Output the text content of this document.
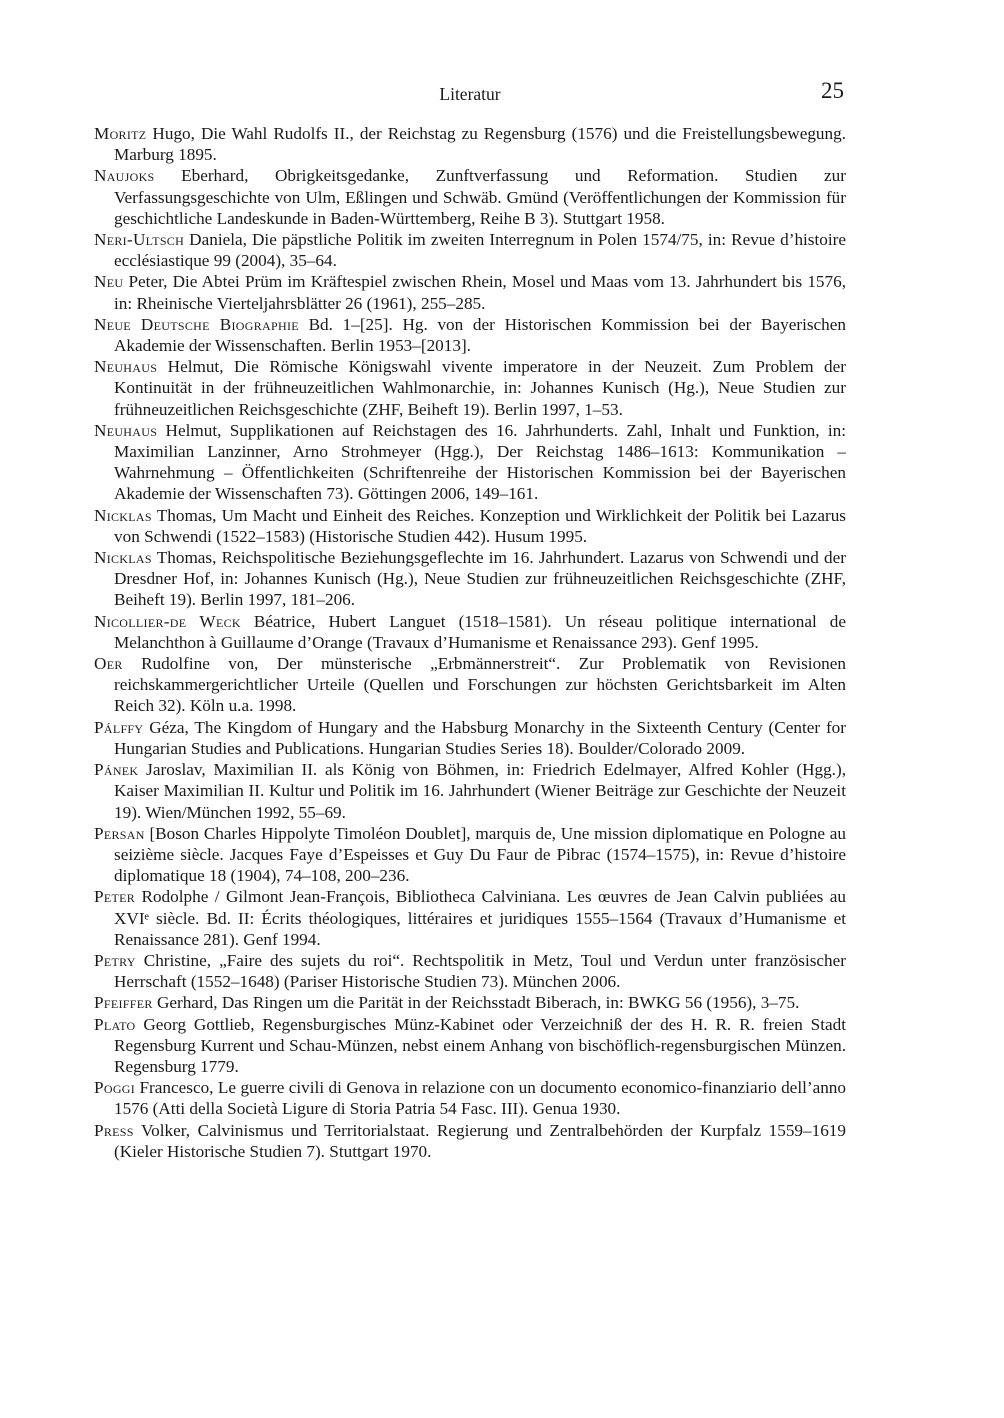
Literatur	25

Moritz Hugo, Die Wahl Rudolfs II., der Reichstag zu Regensburg (1576) und die Freistellungsbewegung. Marburg 1895.

Naujoks Eberhard, Obrigkeitsgedanke, Zunftverfassung und Reformation. Studien zur Verfassungsgeschichte von Ulm, Eßlingen und Schwäb. Gmünd (Veröffentlichungen der Kommission für geschichtliche Landeskunde in Baden-Württemberg, Reihe B 3). Stuttgart 1958.

Neri-Ultsch Daniela, Die päpstliche Politik im zweiten Interregnum in Polen 1574/75, in: Revue d’histoire ecclésiastique 99 (2004), 35–64.

Neu Peter, Die Abtei Prüm im Kräftespiel zwischen Rhein, Mosel und Maas vom 13. Jahrhundert bis 1576, in: Rheinische Vierteljahrsblätter 26 (1961), 255–285.

Neue Deutsche Biographie Bd. 1–[25]. Hg. von der Historischen Kommission bei der Bayerischen Akademie der Wissenschaften. Berlin 1953–[2013].

Neuhaus Helmut, Die Römische Königswahl vivente imperatore in der Neuzeit. Zum Problem der Kontinuität in der frühneuzeitlichen Wahlmonarchie, in: Johannes Kunisch (Hg.), Neue Studien zur frühneuzeitlichen Reichsgeschichte (ZHF, Beiheft 19). Berlin 1997, 1–53.

Neuhaus Helmut, Supplikationen auf Reichstagen des 16. Jahrhunderts. Zahl, Inhalt und Funktion, in: Maximilian Lanzinner, Arno Strohmeyer (Hgg.), Der Reichstag 1486–1613: Kommunikation – Wahrnehmung – Öffentlichkeiten (Schriftenreihe der Historischen Kommission bei der Bayerischen Akademie der Wissenschaften 73). Göttingen 2006, 149–161.

Nicklas Thomas, Um Macht und Einheit des Reiches. Konzeption und Wirklichkeit der Politik bei Lazarus von Schwendi (1522–1583) (Historische Studien 442). Husum 1995.

Nicklas Thomas, Reichspolitische Beziehungsgeflechte im 16. Jahrhundert. Lazarus von Schwendi und der Dresdner Hof, in: Johannes Kunisch (Hg.), Neue Studien zur frühneuzeitlichen Reichsgeschichte (ZHF, Beiheft 19). Berlin 1997, 181–206.

Nicollier-de Weck Béatrice, Hubert Languet (1518–1581). Un réseau politique international de Melanchthon à Guillaume d’Orange (Travaux d’Humanisme et Renaissance 293). Genf 1995.

Oer Rudolfine von, Der münsterische „Erbmännerstreit“. Zur Problematik von Revisionen reichskammergerichtlicher Urteile (Quellen und Forschungen zur höchsten Gerichtsbarkeit im Alten Reich 32). Köln u.a. 1998.

Pálffy Géza, The Kingdom of Hungary and the Habsburg Monarchy in the Sixteenth Century (Center for Hungarian Studies and Publications. Hungarian Studies Series 18). Boulder/Colorado 2009.

Pánek Jaroslav, Maximilian II. als König von Böhmen, in: Friedrich Edelmayer, Alfred Kohler (Hgg.), Kaiser Maximilian II. Kultur und Politik im 16. Jahrhundert (Wiener Beiträge zur Geschichte der Neuzeit 19). Wien/München 1992, 55–69.

Persan [Boson Charles Hippolyte Timoléon Doublet], marquis de, Une mission diplomatique en Pologne au seizième siècle. Jacques Faye d’Espeisses et Guy Du Faur de Pibrac (1574–1575), in: Revue d’histoire diplomatique 18 (1904), 74–108, 200–236.

Peter Rodolphe / Gilmont Jean-François, Bibliotheca Calviniana. Les œuvres de Jean Calvin publiées au XVIᵉ siècle. Bd. II: Écrits théologiques, littéraires et juridiques 1555–1564 (Travaux d’Humanisme et Renaissance 281). Genf 1994.

Petry Christine, „Faire des sujets du roi“. Rechtspolitik in Metz, Toul und Verdun unter französischer Herrschaft (1552–1648) (Pariser Historische Studien 73). München 2006.

Pfeiffer Gerhard, Das Ringen um die Parität in der Reichsstadt Biberach, in: BWKG 56 (1956), 3–75.

Plato Georg Gottlieb, Regensburgisches Münz-Kabinet oder Verzeichniß der des H. R. R. freien Stadt Regensburg Kurrent und Schau-Münzen, nebst einem Anhang von bischöflich-regensburgischen Münzen. Regensburg 1779.

Poggi Francesco, Le guerre civili di Genova in relazione con un documento economico-finanziario dell’anno 1576 (Atti della Società Ligure di Storia Patria 54 Fasc. III). Genua 1930.

Press Volker, Calvinismus und Territorialstaat. Regierung und Zentralbehörden der Kurpfalz 1559–1619 (Kieler Historische Studien 7). Stuttgart 1970.
